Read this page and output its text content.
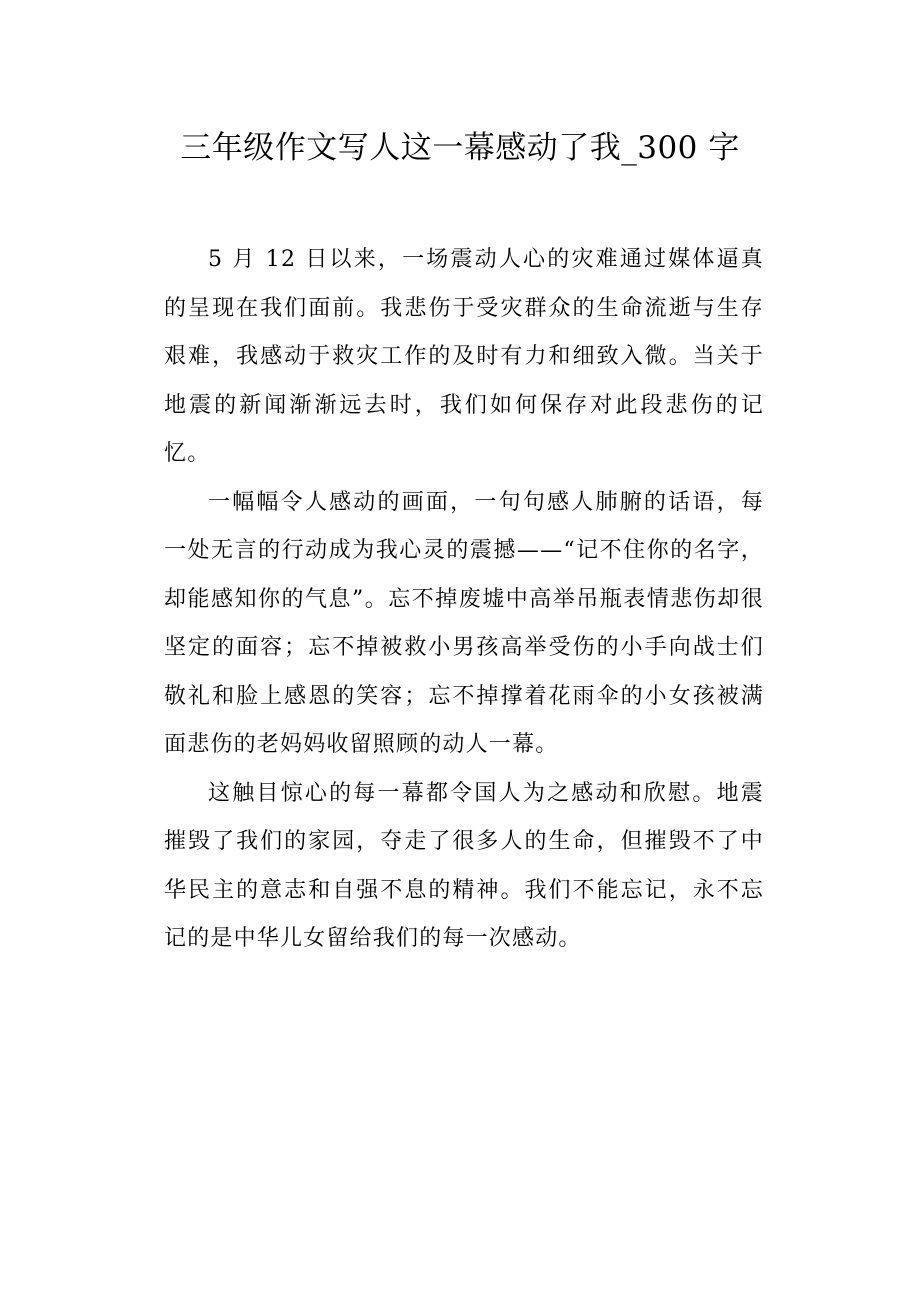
三年级作文写人这一幕感动了我_300 字

5 月 12 日以来，一场震动人心的灾难通过媒体逼真的呈现在我们面前。我悲伤于受灾群众的生命流逝与生存艰难，我感动于救灾工作的及时有力和细致入微。当关于地震的新闻渐渐远去时，我们如何保存对此段悲伤的记忆。

一幅幅令人感动的画面，一句句感人肺腑的话语，每一处无言的行动成为我心灵的震撼——“记不住你的名字，却能感知你的气息”。忘不掉废墟中高举吊瓶表情悲伤却很坚定的面容；忘不掉被救小男孩高举受伤的小手向战士们敬礼和脸上感恩的笑容；忘不掉撑着花雨伞的小女孩被满面悲伤的老妈妈收留照顾的动人一幕。

这触目惊心的每一幕都令国人为之感动和欣慰。地震摧毁了我们的家园，夺走了很多人的生命，但摧毁不了中华民主的意志和自强不息的精神。我们不能忘记，永不忘记的是中华儿女留给我们的每一次感动。
